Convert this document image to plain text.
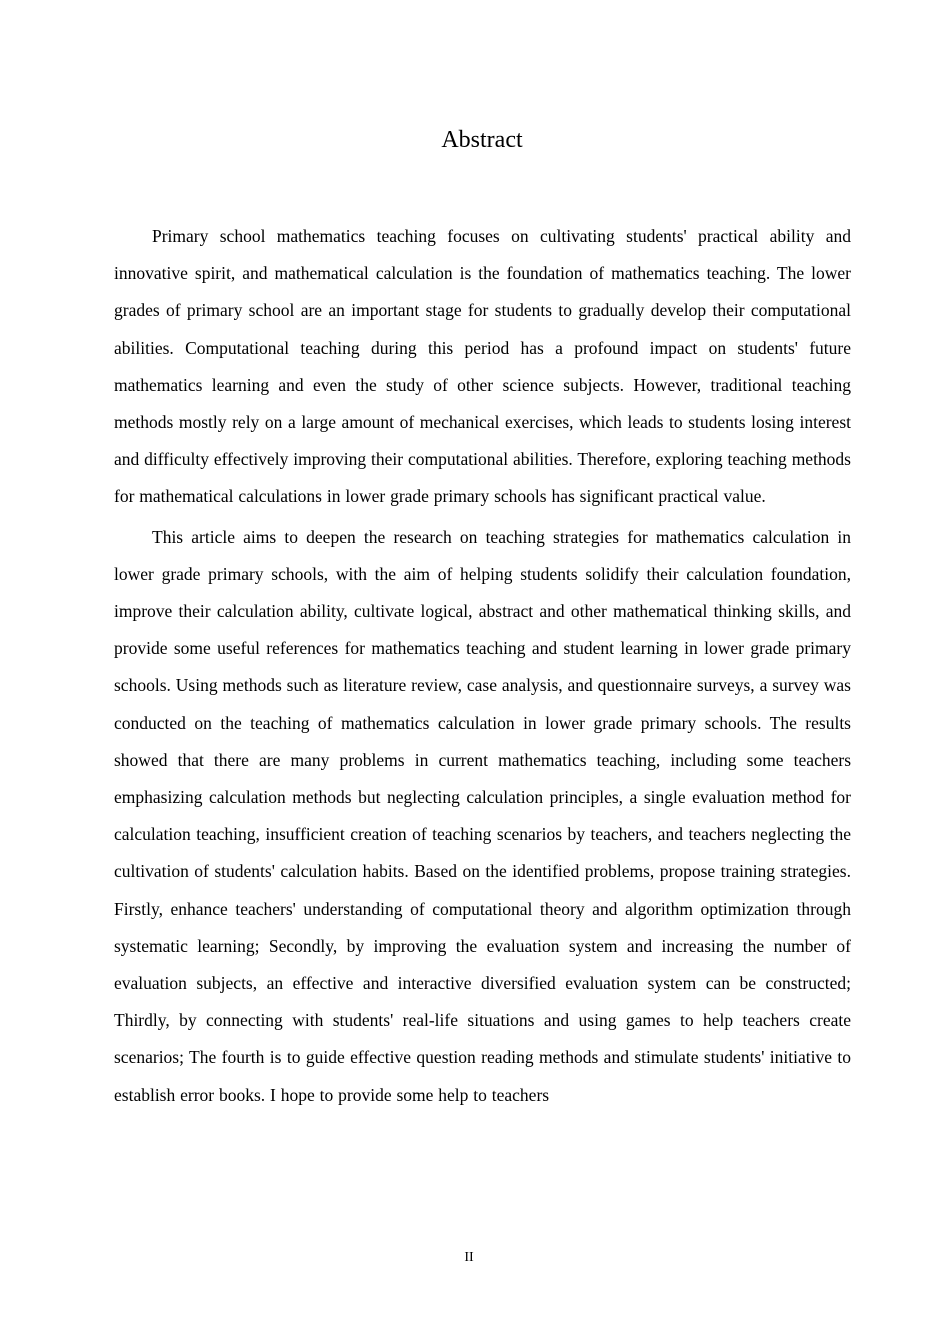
Abstract

Primary school mathematics teaching focuses on cultivating students' practical ability and innovative spirit, and mathematical calculation is the foundation of mathematics teaching. The lower grades of primary school are an important stage for students to gradually develop their computational abilities. Computational teaching during this period has a profound impact on students' future mathematics learning and even the study of other science subjects. However, traditional teaching methods mostly rely on a large amount of mechanical exercises, which leads to students losing interest and difficulty effectively improving their computational abilities. Therefore, exploring teaching methods for mathematical calculations in lower grade primary schools has significant practical value.

This article aims to deepen the research on teaching strategies for mathematics calculation in lower grade primary schools, with the aim of helping students solidify their calculation foundation, improve their calculation ability, cultivate logical, abstract and other mathematical thinking skills, and provide some useful references for mathematics teaching and student learning in lower grade primary schools. Using methods such as literature review, case analysis, and questionnaire surveys, a survey was conducted on the teaching of mathematics calculation in lower grade primary schools. The results showed that there are many problems in current mathematics teaching, including some teachers emphasizing calculation methods but neglecting calculation principles, a single evaluation method for calculation teaching, insufficient creation of teaching scenarios by teachers, and teachers neglecting the cultivation of students' calculation habits. Based on the identified problems, propose training strategies. Firstly, enhance teachers' understanding of computational theory and algorithm optimization through systematic learning; Secondly, by improving the evaluation system and increasing the number of evaluation subjects, an effective and interactive diversified evaluation system can be constructed; Thirdly, by connecting with students' real-life situations and using games to help teachers create scenarios; The fourth is to guide effective question reading methods and stimulate students' initiative to establish error books. I hope to provide some help to teachers

II
